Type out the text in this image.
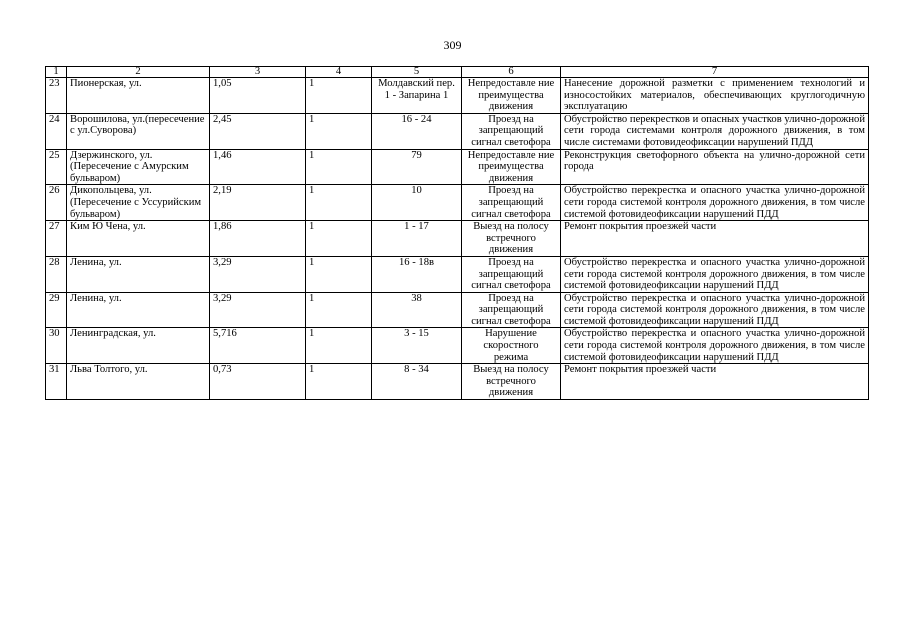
309
1	2	3	4	5	6	7
23	Пионерская, ул.	1,05	1	Молдавский пер. 1 - Запарина 1	Непредоставле ние преимущества движения	Нанесение дорожной разметки с применением технологий и износостойких материалов, обеспечивающих круглогодичную эксплуатацию
24	Ворошилова, ул.(пересечение с ул.Суворова)	2,45	1	16 - 24	Проезд на запрещающий сигнал светофора	Обустройство перекрестков и опасных участков улично-дорожной сети города системами контроля дорожного движения, в том числе системами фотовидеофиксации нарушений ПДД
25	Дзержинского, ул. (Пересечение с Амурским бульваром)	1,46	1	79	Непредоставле ние преимущества движения	Реконструкция светофорного объекта на улично-дорожной сети города
26	Дикопольцева, ул. (Пересечение с Уссурийским бульваром)	2,19	1	10	Проезд на запрещающий сигнал светофора	Обустройство перекрестка и опасного участка улично-дорожной сети города системой контроля дорожного движения, в том числе системой фотовидеофиксации нарушений ПДД
27	Ким Ю Чена, ул.	1,86	1	1 - 17	Выезд на полосу встречного движения	Ремонт покрытия проезжей части
28	Ленина, ул.	3,29	1	16 - 18в	Проезд на запрещающий сигнал светофора	Обустройство перекрестка и опасного участка улично-дорожной сети города системой контроля дорожного движения, в том числе системой фотовидеофиксации нарушений ПДД
29	Ленина, ул.	3,29	1	38	Проезд на запрещающий сигнал светофора	Обустройство перекрестка и опасного участка улично-дорожной сети города системой контроля дорожного движения, в том числе системой фотовидеофиксации нарушений ПДД
30	Ленинградская, ул.	5,716	1	3 - 15	Нарушение скоростного режима	Обустройство перекрестка и опасного участка улично-дорожной сети города системой контроля дорожного движения, в том числе системой фотовидеофиксации нарушений ПДД
31	Льва Толтого, ул.	0,73	1	8 - 34	Выезд на полосу встречного движения	Ремонт покрытия проезжей части
